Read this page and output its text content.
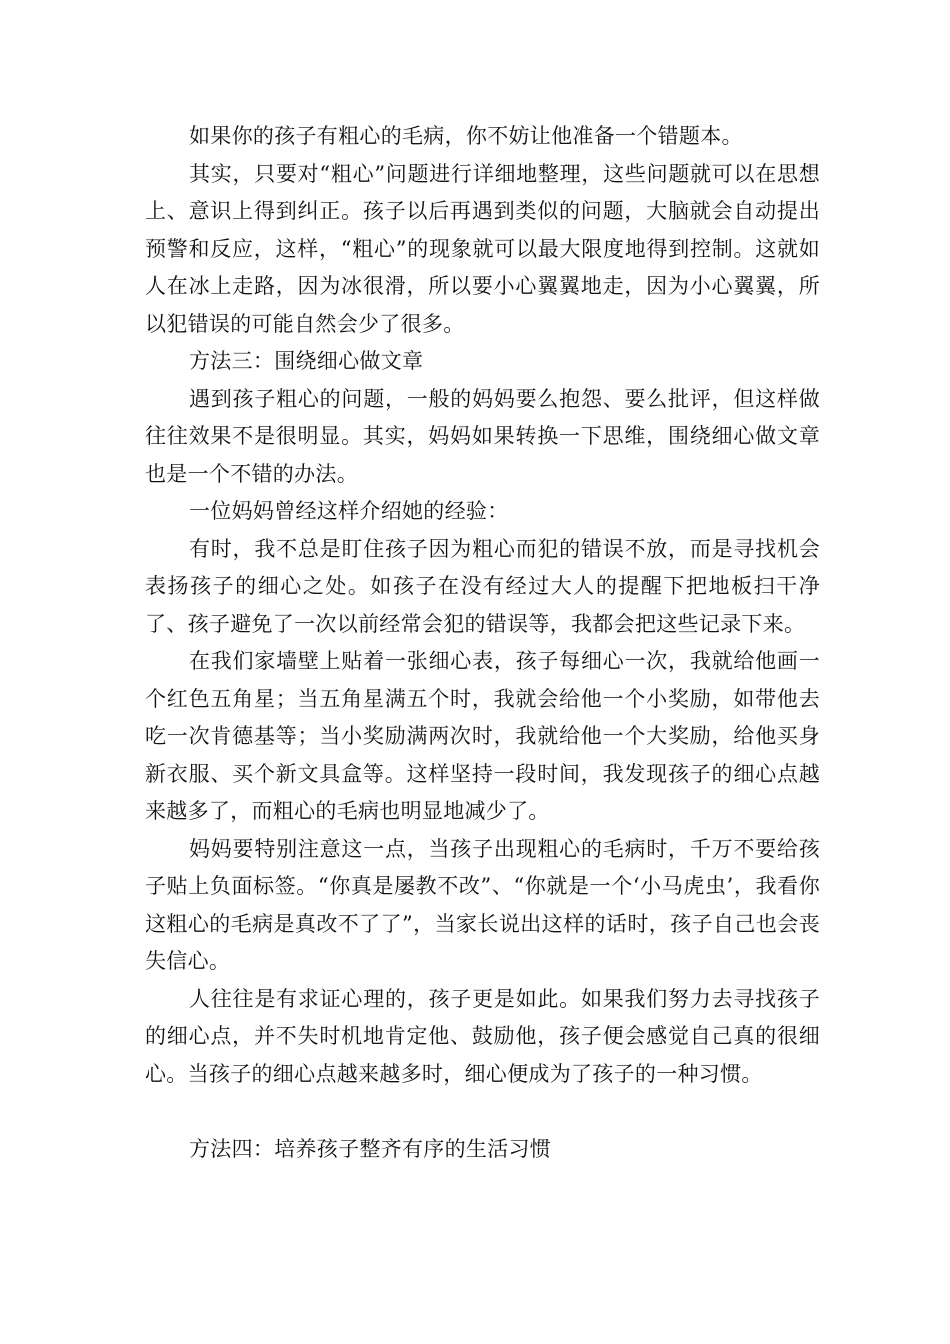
如果你的孩子有粗心的毛病，你不妨让他准备一个错题本。

其实，只要对“粗心”问题进行详细地整理，这些问题就可以在思想上、意识上得到纠正。孩子以后再遇到类似的问题，大脑就会自动提出预警和反应，这样，“粗心”的现象就可以最大限度地得到控制。这就如人在冰上走路，因为冰很滑，所以要小心翼翼地走，因为小心翼翼，所以犯错误的可能自然会少了很多。

方法三：围绕细心做文章

遇到孩子粗心的问题，一般的妈妈要么抱怨、要么批评，但这样做往往效果不是很明显。其实，妈妈如果转换一下思维，围绕细心做文章也是一个不错的办法。

一位妈妈曾经这样介绍她的经验：

有时，我不总是盯住孩子因为粗心而犯的错误不放，而是寻找机会表扬孩子的细心之处。如孩子在没有经过大人的提醒下把地板扫干净了、孩子避免了一次以前经常会犯的错误等，我都会把这些记录下来。

在我们家墙壁上贴着一张细心表，孩子每细心一次，我就给他画一个红色五角星；当五角星满五个时，我就会给他一个小奖励，如带他去吃一次肯德基等；当小奖励满两次时，我就给他一个大奖励，给他买身新衣服、买个新文具盒等。这样坚持一段时间，我发现孩子的细心点越来越多了，而粗心的毛病也明显地减少了。

妈妈要特别注意这一点，当孩子出现粗心的毛病时，千万不要给孩子贴上负面标签。“你真是屡教不改”、“你就是一个‘小马虎虫’，我看你这粗心的毛病是真改不了了”，当家长说出这样的话时，孩子自己也会丧失信心。

人往往是有求证心理的，孩子更是如此。如果我们努力去寻找孩子的细心点，并不失时机地肯定他、鼓励他，孩子便会感觉自己真的很细心。当孩子的细心点越来越多时，细心便成为了孩子的一种习惯。

方法四：培养孩子整齐有序的生活习惯
